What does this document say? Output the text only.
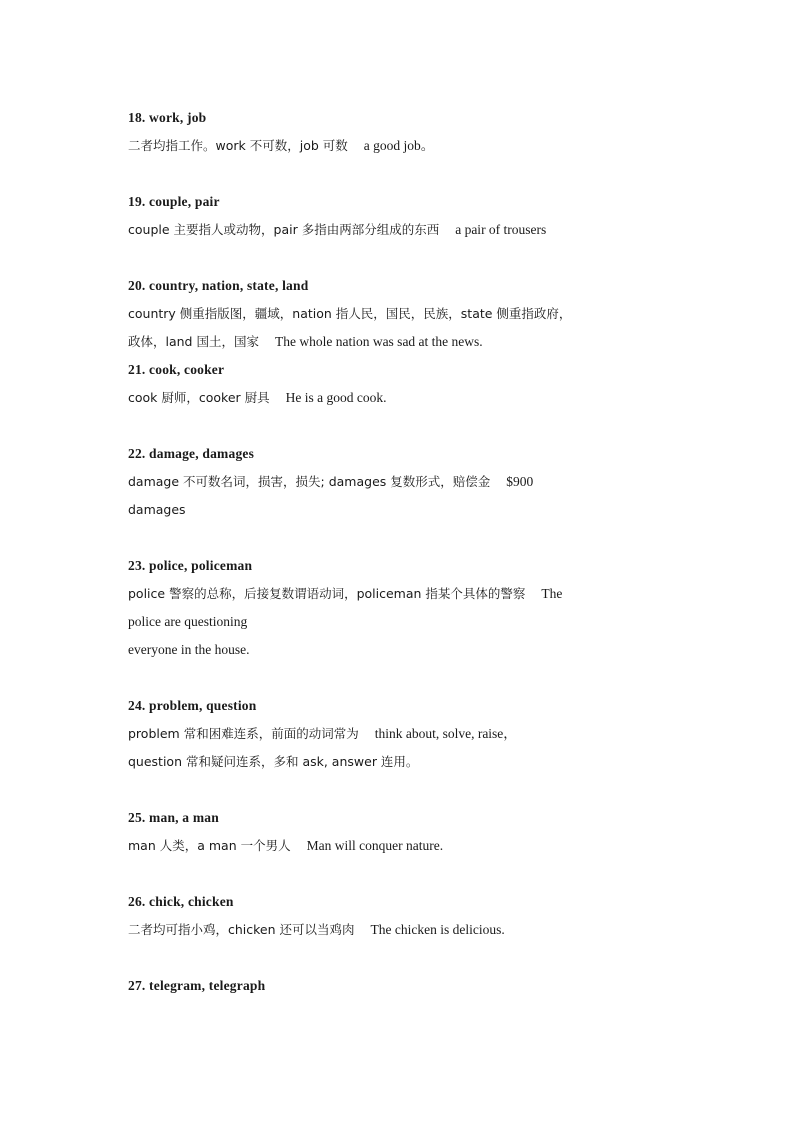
18. work, job
二者均指工作。work 不可数，job 可数 a good job。
19. couple, pair
couple 主要指人或动物，pair 多指由两部分组成的东西 a pair of trousers
20. country, nation, state, land
country 侧重指版图，疆域，nation 指人民，国民，民族，state 侧重指政府，
政体，land 国土，国家 The whole nation was sad at the news.
21. cook, cooker
cook 厨师，cooker 厨具 He is a good cook.
22. damage, damages
damage 不可数名词，损害，损失; damages 复数形式，赔偿金 $900
damages
23. police, policeman
police 警察的总称，后接复数谓语动词，policeman 指某个具体的警察 The
police are questioning
everyone in the house.
24. problem, question
problem 常和困难连系，前面的动词常为 think about, solve, raise，
question 常和疑问连系，多和 ask, answer 连用。
25. man, a man
man 人类，a man 一个男人 Man will conquer nature.
26. chick, chicken
二者均可指小鸡，chicken 还可以当鸡肉 The chicken is delicious.
27. telegram, telegraph
